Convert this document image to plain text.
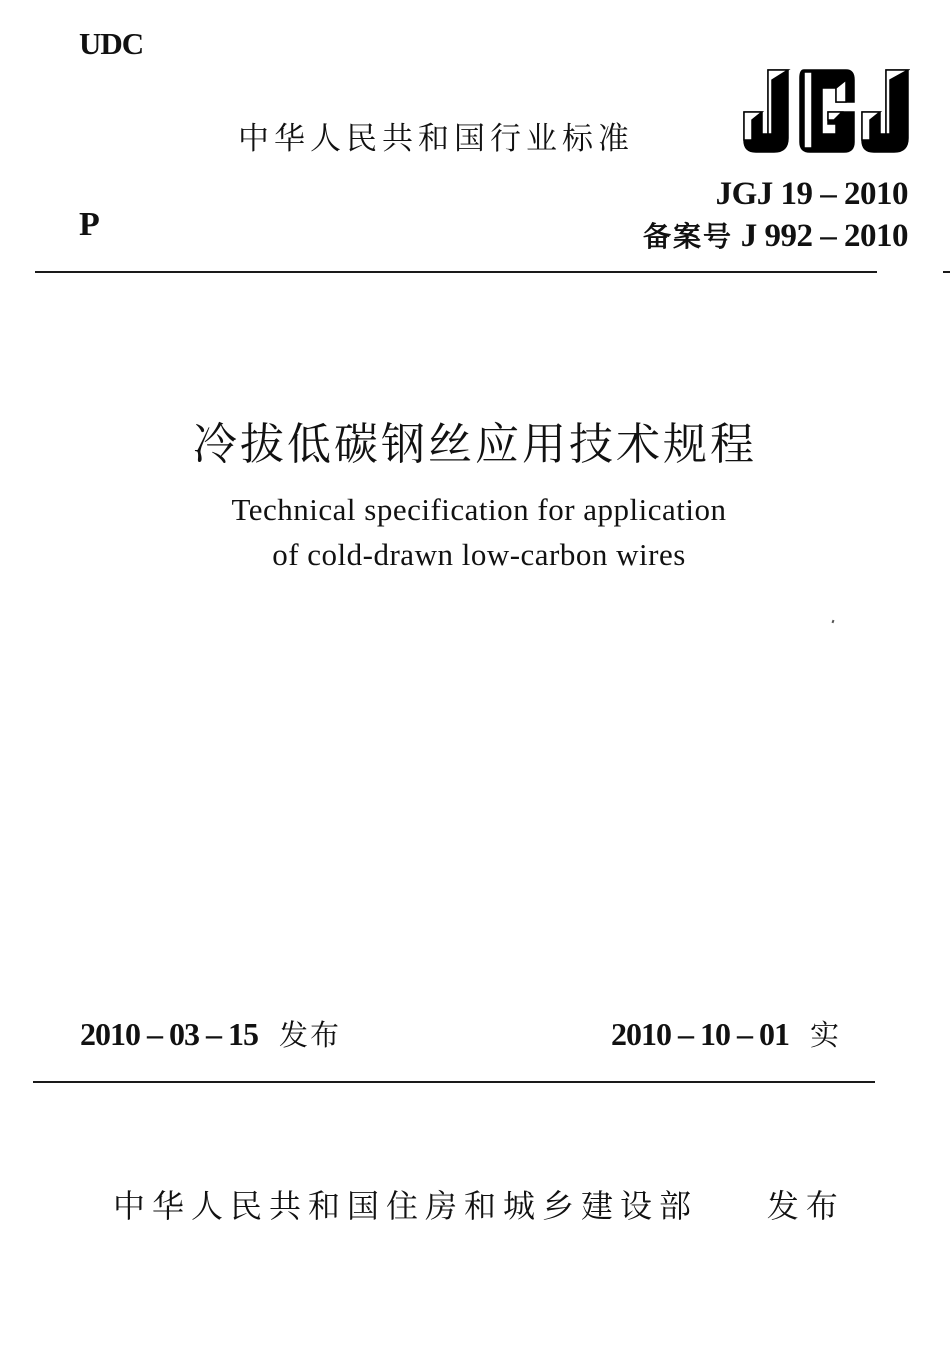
UDC
中华人民共和国行业标准
P
JGJ 19 – 2010
备案号 J 992 – 2010
冷拔低碳钢丝应用技术规程
Technical specification for application
of cold-drawn low-carbon wires
2010 – 03 – 15   发布	2010 – 10 – 01   实
中华人民共和国住房和城乡建设部    发布
